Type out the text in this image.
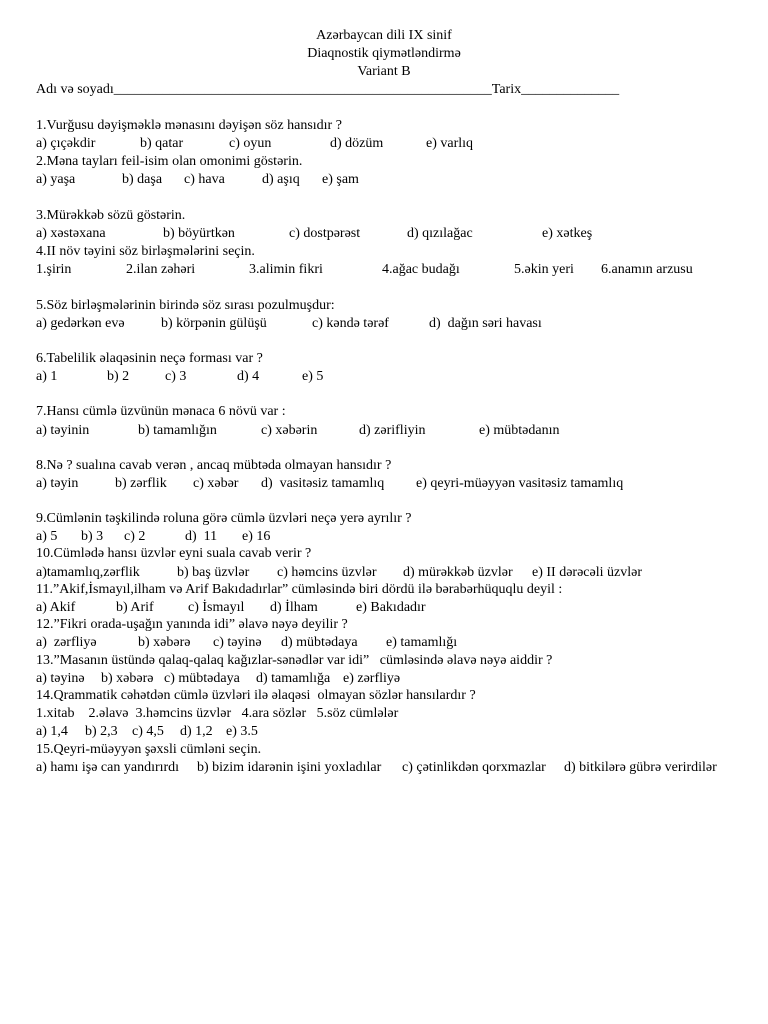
Azərbaycan dili IX sinif
Diaqnostik qiymətləndirmə
Variant B
Adı və soyadı______________________________________________________Tarix______________
1.Vurğusu dəyişməklə mənasını dəyişən söz hansıdır ?
a) çıçəkdir	b) qatar	c) oyun	d) dözüm	e) varlıq
2.Məna tayları feil-isim olan omonimi göstərin.
a) yaşa	b) daşa c) hava	d) aşıq e) şam
3.Mürəkkəb sözü göstərin.
a) xəstəxana	b) böyürtkən	c) dostpərəst	d) qızılağac	e) xətkeş
4.II növ təyini söz birləşmələrini seçin.
1.şirin	2.ilan zəhəri	3.alimin fikri	4.ağac budağı	5.əkin yeri 6.anamın arzusu
5.Söz birləşmələrinin birində söz sırası pozulmuşdur:
a) gedərkən evə	b) körpənin gülüşü	c) kəndə tərəf	d)  dağın səri havası
6.Tabelilik əlaqəsinin neçə forması var ?
a) 1	b) 2	c) 3	d) 4	e) 5
7.Hansı cümlə üzvünün mənaca 6 növü var :
a) təyinin	b) tamamlığın	c) xəbərin	d) zərifliyin	e) mübtədanın
8.Nə ? sualına cavab verən , ancaq mübtəda olmayan hansıdır ?
a) təyin	b) zərflik c) xəbər d)  vasitəsiz tamamlıq e) qeyri-müəyyən vasitəsiz tamamlıq
9.Cümlənin təşkilində roluna görə cümlə üzvləri neçə yerə ayrılır ?
a) 5 b) 3 c) 2	d)  11 e) 16
10.Cümlədə hansı üzvlər eyni suala cavab verir ?
a)tamamlıq,zərflik	b) baş üzvlər c) həmcins üzvlər d) mürəkkəb üzvlər e) II dərəcəli üzvlər
11.”Akif,İsmayıl,ilham və Arif Bakıdadırlar” cümləsində biri dördü ilə bərabərhüquqlu deyil :
a) Akif	b) Arif c) İsmayıl d) İlham	e) Bakıdadır
12.”Fikri orada-uşağın yanında idi” əlavə nəyə deyilir ?
a)  zərfliyə	b) xəbərə c) təyinə d) mübtədaya e) tamamlığı
13.”Masanın üstündə qalaq-qalaq kağızlar-sənədlər var idi”   cümləsində əlavə nəyə aiddir ?
a) təyinə b) xəbərə c) mübtədaya d) tamamlığa e) zərfliyə
14.Qrammatik cəhətdən cümlə üzvləri ilə əlaqəsi  olmayan sözlər hansılardır ?
1.xitab    2.əlavə  3.həmcins üzvlər   4.ara sözlər   5.söz cümlələr
a) 1,4 b) 2,3 c) 4,5 d) 1,2 e) 3.5
15.Qeyri-müəyyən şəxsli cümləni seçin.
a) hamı işə can yandırırdı b) bizim idarənin işini yoxladılar c) çətinlikdən qorxmazlar d) bitkilərə gübrə verirdilər
